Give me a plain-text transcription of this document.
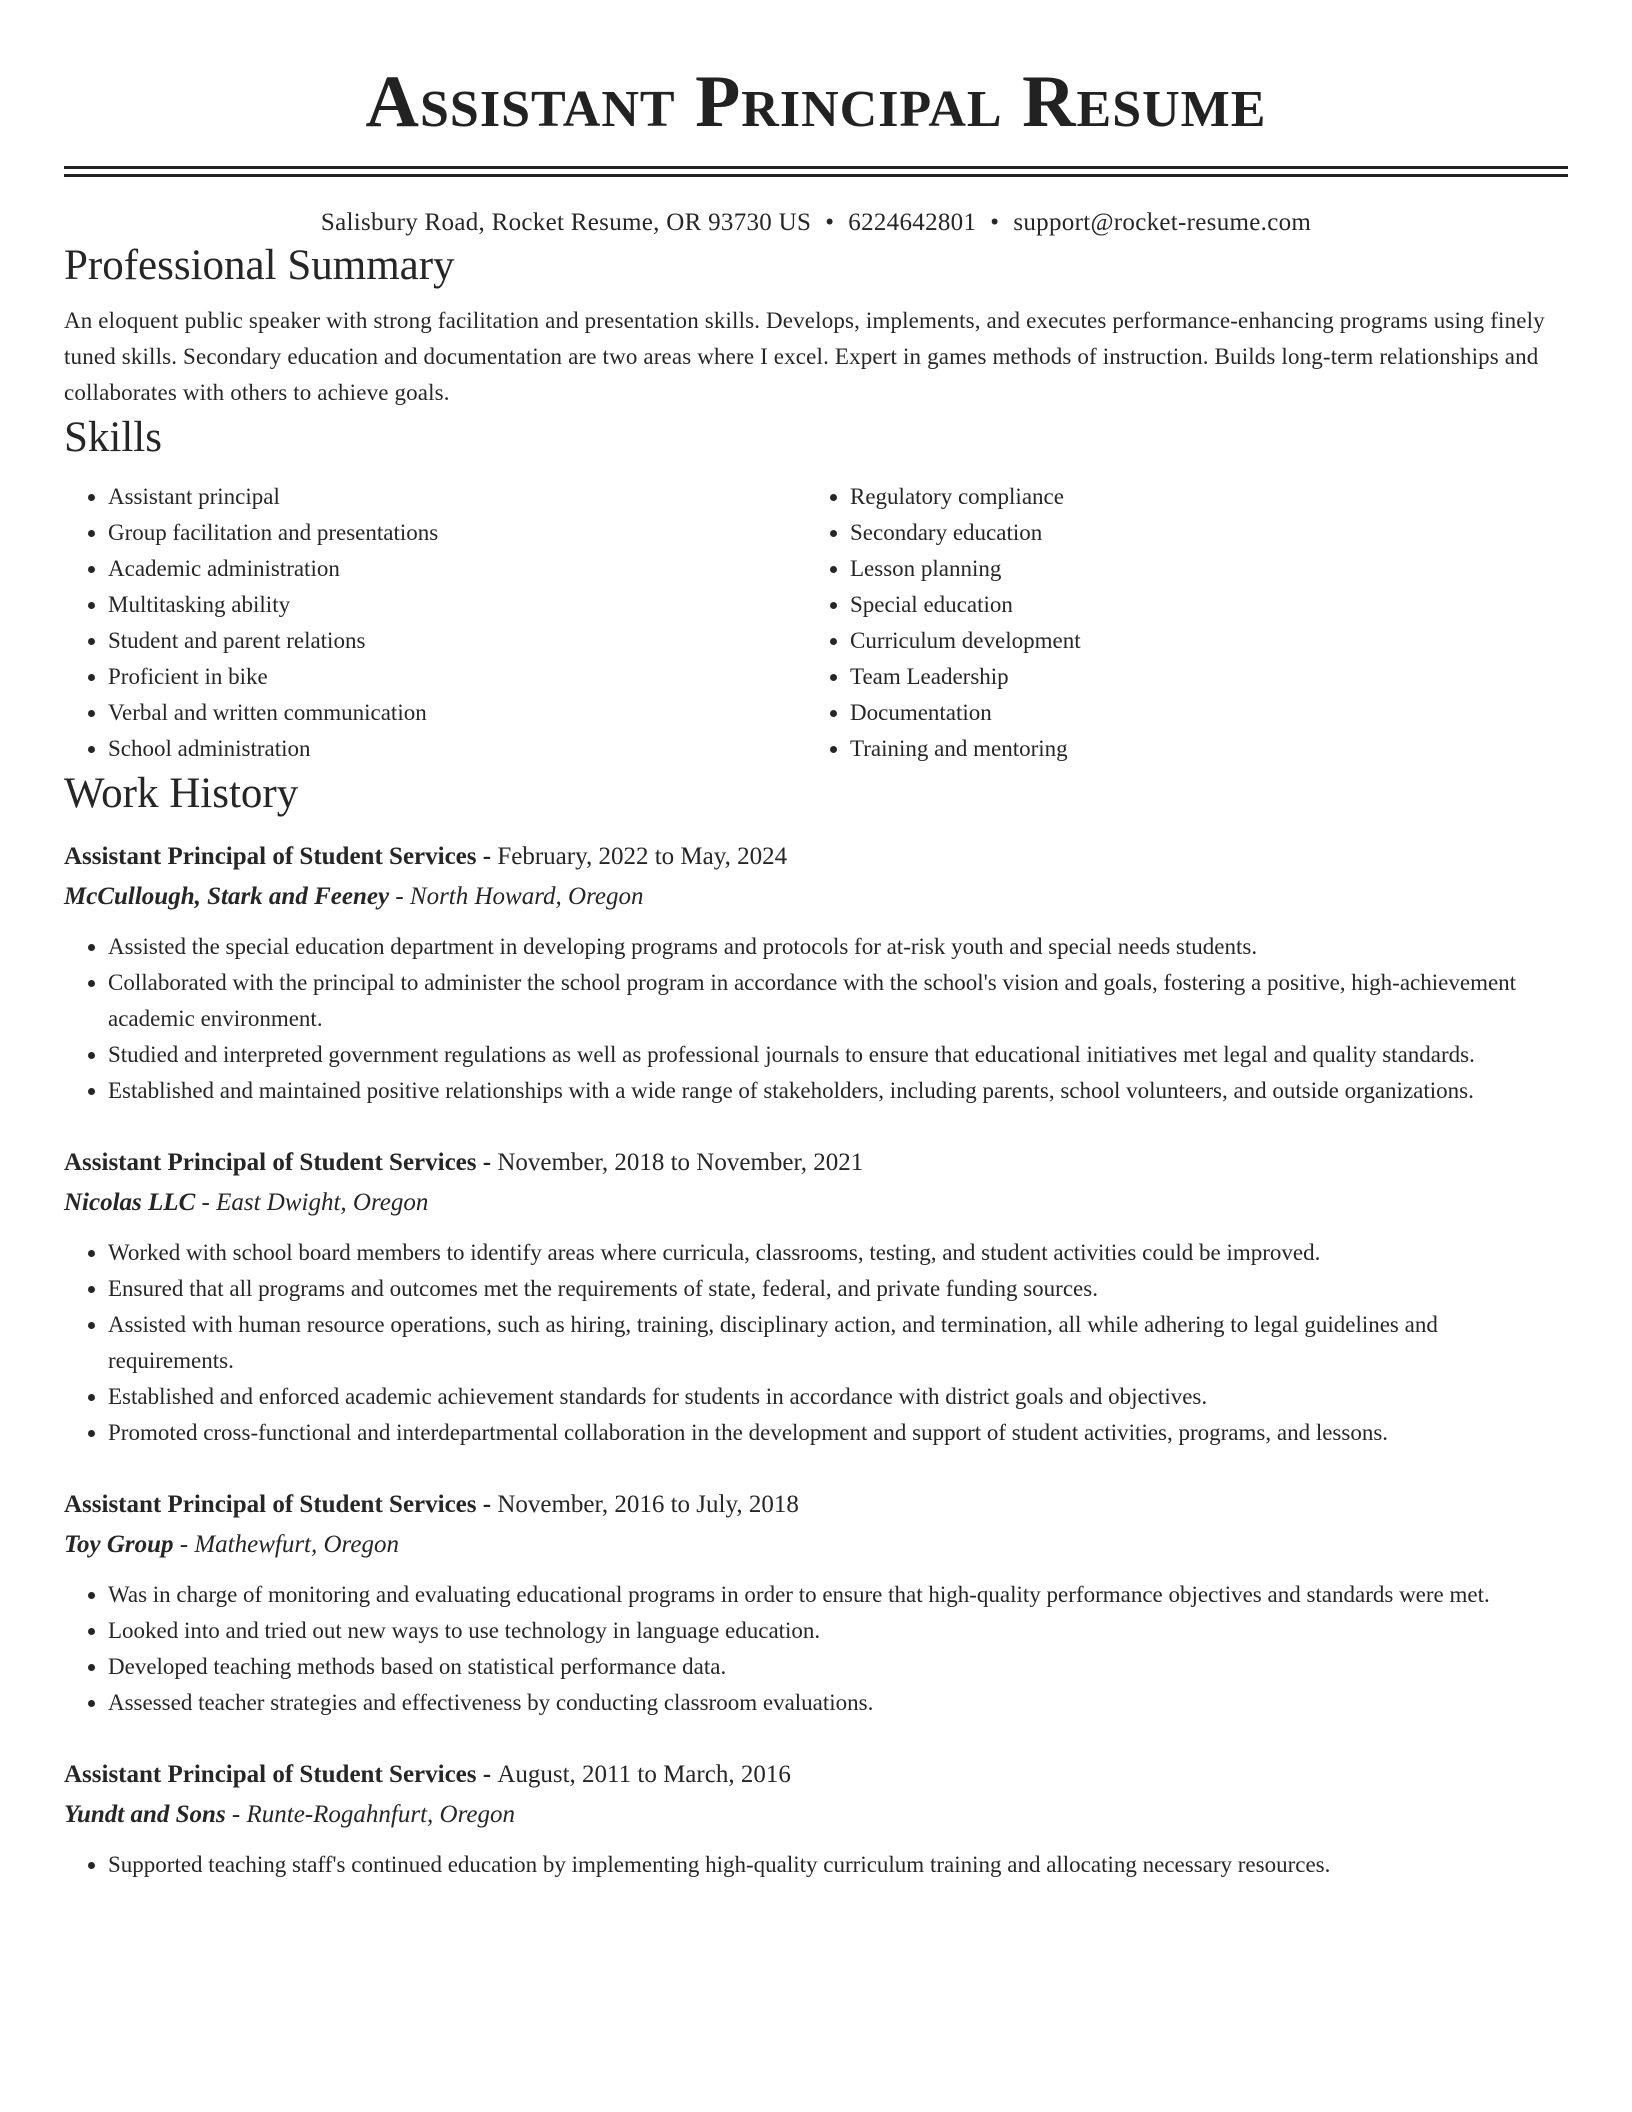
Assistant Principal Resume
Salisbury Road, Rocket Resume, OR 93730 US • 6224642801 • support@rocket-resume.com
Professional Summary

An eloquent public speaker with strong facilitation and presentation skills. Develops, implements, and executes performance-enhancing programs using finely tuned skills. Secondary education and documentation are two areas where I excel. Expert in games methods of instruction. Builds long-term relationships and collaborates with others to achieve goals.

Skills
• Assistant principal
• Group facilitation and presentations
• Academic administration
• Multitasking ability
• Student and parent relations
• Proficient in bike
• Verbal and written communication
• School administration
• Regulatory compliance
• Secondary education
• Lesson planning
• Special education
• Curriculum development
• Team Leadership
• Documentation
• Training and mentoring
Work History
Assistant Principal of Student Services - February, 2022 to May, 2024
McCullough, Stark and Feeney - North Howard, Oregon
• Assisted the special education department in developing programs and protocols for at-risk youth and special needs students.
• Collaborated with the principal to administer the school program in accordance with the school's vision and goals, fostering a positive, high-achievement academic environment.
• Studied and interpreted government regulations as well as professional journals to ensure that educational initiatives met legal and quality standards.
• Established and maintained positive relationships with a wide range of stakeholders, including parents, school volunteers, and outside organizations.
Assistant Principal of Student Services - November, 2018 to November, 2021
Nicolas LLC - East Dwight, Oregon
• Worked with school board members to identify areas where curricula, classrooms, testing, and student activities could be improved.
• Ensured that all programs and outcomes met the requirements of state, federal, and private funding sources.
• Assisted with human resource operations, such as hiring, training, disciplinary action, and termination, all while adhering to legal guidelines and requirements.
• Established and enforced academic achievement standards for students in accordance with district goals and objectives.
• Promoted cross-functional and interdepartmental collaboration in the development and support of student activities, programs, and lessons.
Assistant Principal of Student Services - November, 2016 to July, 2018
Toy Group - Mathewfurt, Oregon
• Was in charge of monitoring and evaluating educational programs in order to ensure that high-quality performance objectives and standards were met.
• Looked into and tried out new ways to use technology in language education.
• Developed teaching methods based on statistical performance data.
• Assessed teacher strategies and effectiveness by conducting classroom evaluations.
Assistant Principal of Student Services - August, 2011 to March, 2016
Yundt and Sons - Runte-Rogahnfurt, Oregon
• Supported teaching staff's continued education by implementing high-quality curriculum training and allocating necessary resources.
